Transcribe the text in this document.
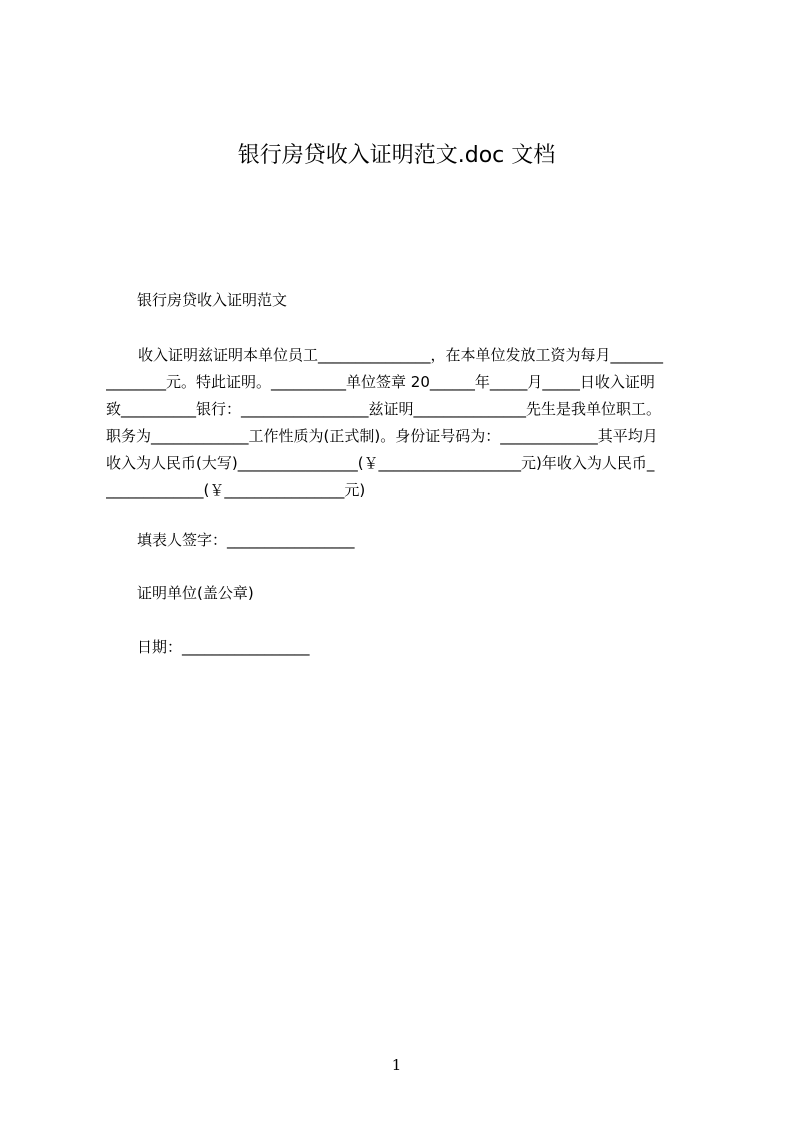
银行房贷收入证明范文.doc 文档
银行房贷收入证明范文
收入证明兹证明本单位员工_______________，在本单位发放工资为每月_______
________元。特此证明。__________单位签章 20______年_____月_____日收入证明
致__________银行：_________________兹证明_______________先生是我单位职工。
职务为_____________工作性质为(正式制)。身份证号码为：_____________其平均月
收入为人民币(大写)________________(￥___________________元)年收入为人民币_
_____________(￥________________元)
填表人签字：_________________
证明单位(盖公章)
日期：_________________
1
